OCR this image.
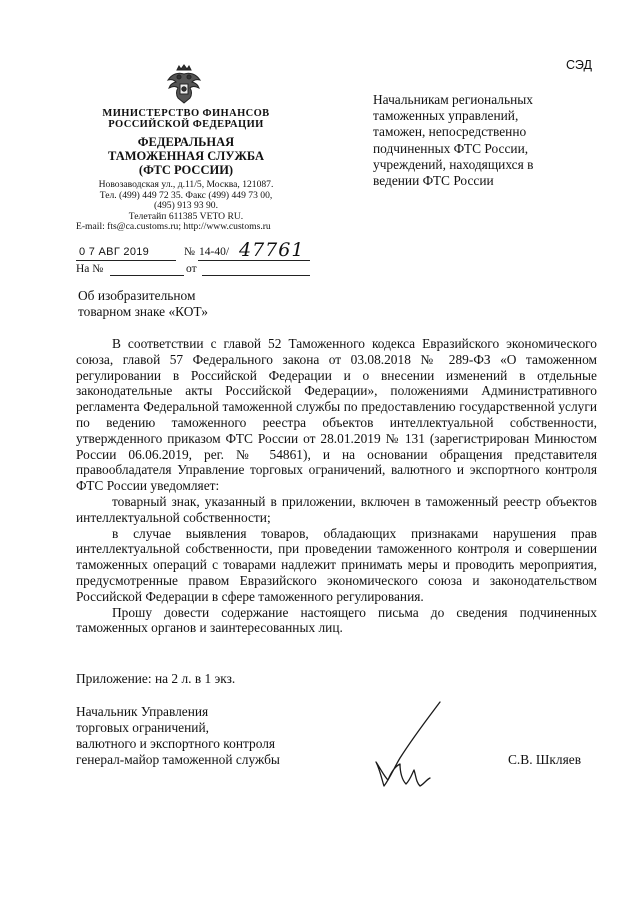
СЭД
МИНИСТЕРСТВО ФИНАНСОВ
РОССИЙСКОЙ ФЕДЕРАЦИИ
ФЕДЕРАЛЬНАЯ
ТАМОЖЕННАЯ СЛУЖБА
(ФТС РОССИИ)
Новозаводская ул., д.11/5, Москва, 121087.
Тел. (499) 449 72 35. Факс (499) 449 73 00,
(495) 913 93 90.
Телетайп 611385 VETO RU.
E-mail: fts@ca.customs.ru; http://www.customs.ru
0 7 АВГ 2019	№ 14-40/ 47761
На №	от
Начальникам региональных
таможенных управлений,
таможен, непосредственно
подчиненных ФТС России,
учреждений, находящихся в
ведении ФТС России
Об изобразительном
товарном знаке «КОТ»

В соответствии с главой 52 Таможенного кодекса Евразийского экономического союза, главой 57 Федерального закона от 03.08.2018 № 289-ФЗ «О таможенном регулировании в Российской Федерации и о внесении изменений в отдельные законодательные акты Российской Федерации», положениями Административного регламента Федеральной таможенной службы по предоставлению государственной услуги по ведению таможенного реестра объектов интеллектуальной собственности, утвержденного приказом ФТС России от 28.01.2019 № 131 (зарегистрирован Минюстом России 06.06.2019, рег. № 54861), и на основании обращения представителя правообладателя Управление торговых ограничений, валютного и экспортного контроля ФТС России уведомляет:

товарный знак, указанный в приложении, включен в таможенный реестр объектов интеллектуальной собственности;

в случае выявления товаров, обладающих признаками нарушения прав интеллектуальной собственности, при проведении таможенного контроля и совершении таможенных операций с товарами надлежит принимать меры и проводить мероприятия, предусмотренные правом Евразийского экономического союза и законодательством Российской Федерации в сфере таможенного регулирования.

Прошу довести содержание настоящего письма до сведения подчиненных таможенных органов и заинтересованных лиц.

Приложение: на 2 л. в 1 экз.
Начальник Управления
торговых ограничений,
валютного и экспортного контроля
генерал-майор таможенной службы	С.В. Шкляев
